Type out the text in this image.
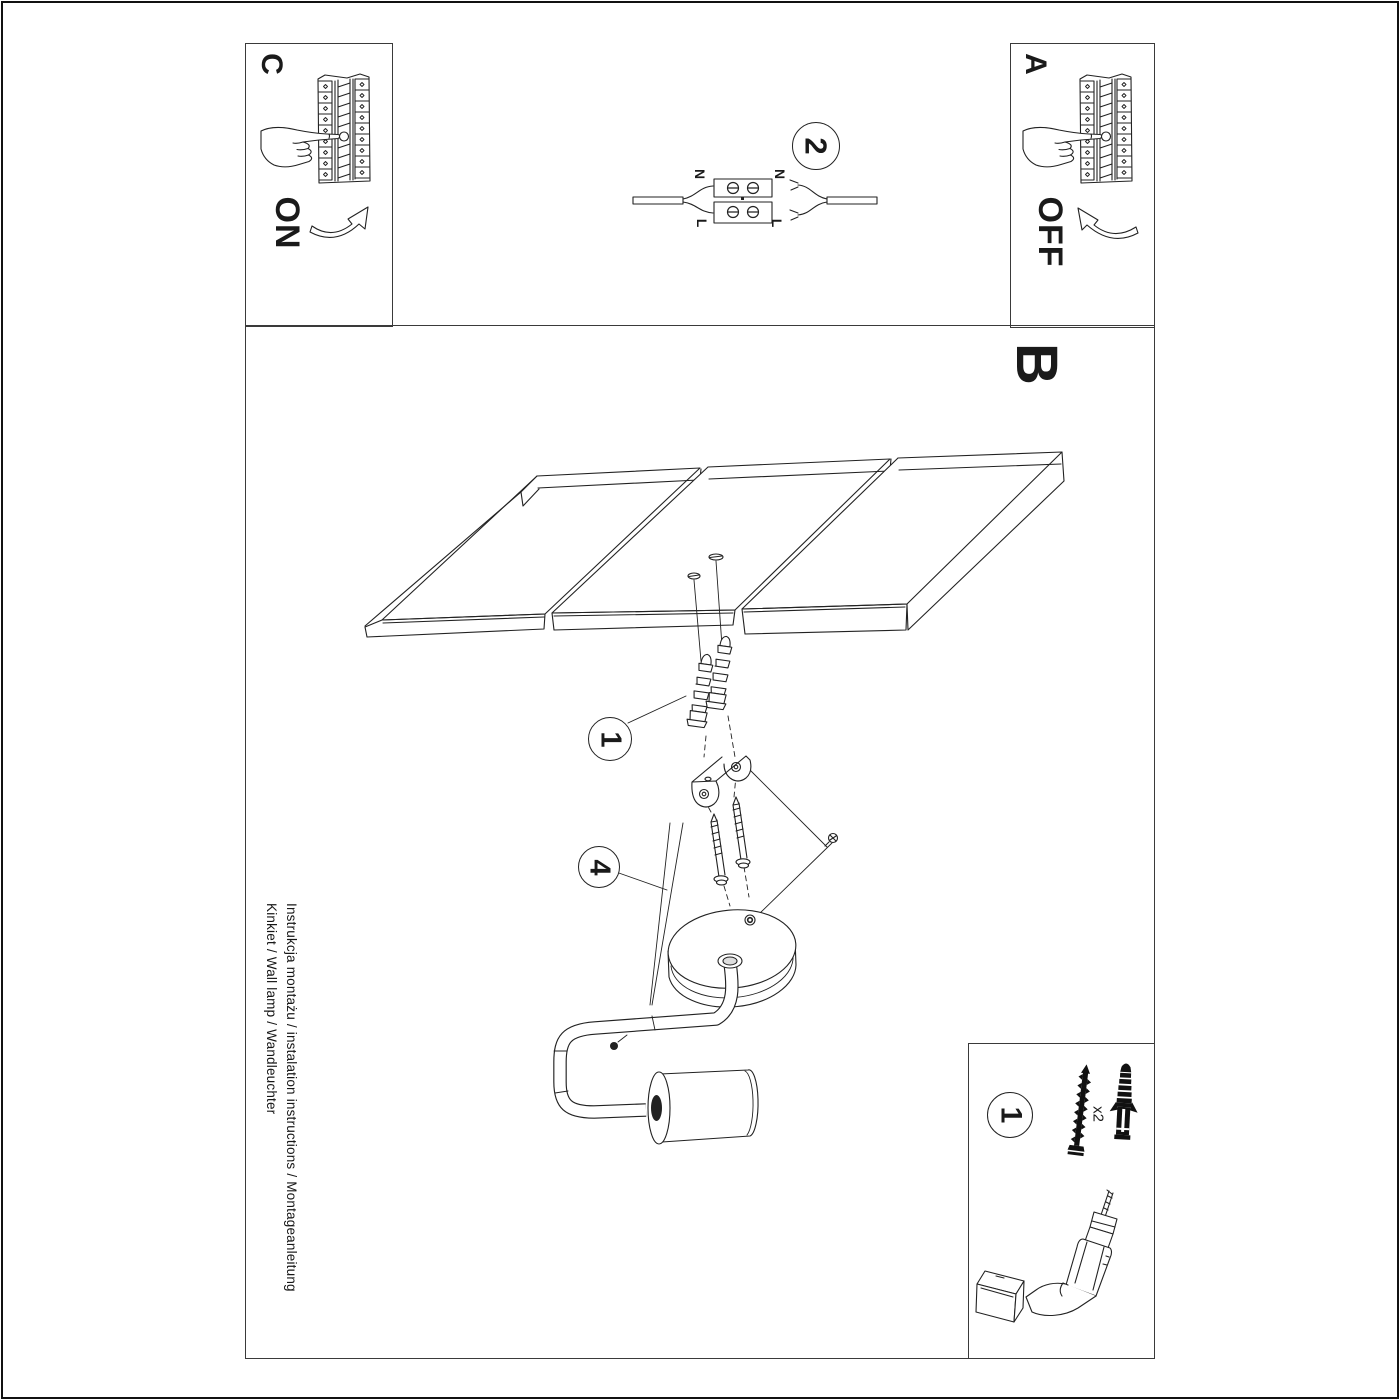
C
ON
A
OFF
B
N	N
L	L
2
1
4
1	x2
Instrukcja montażu / instalation instructions / Montageanleitung
Kinkiet / Wall lamp / Wandleuchter
